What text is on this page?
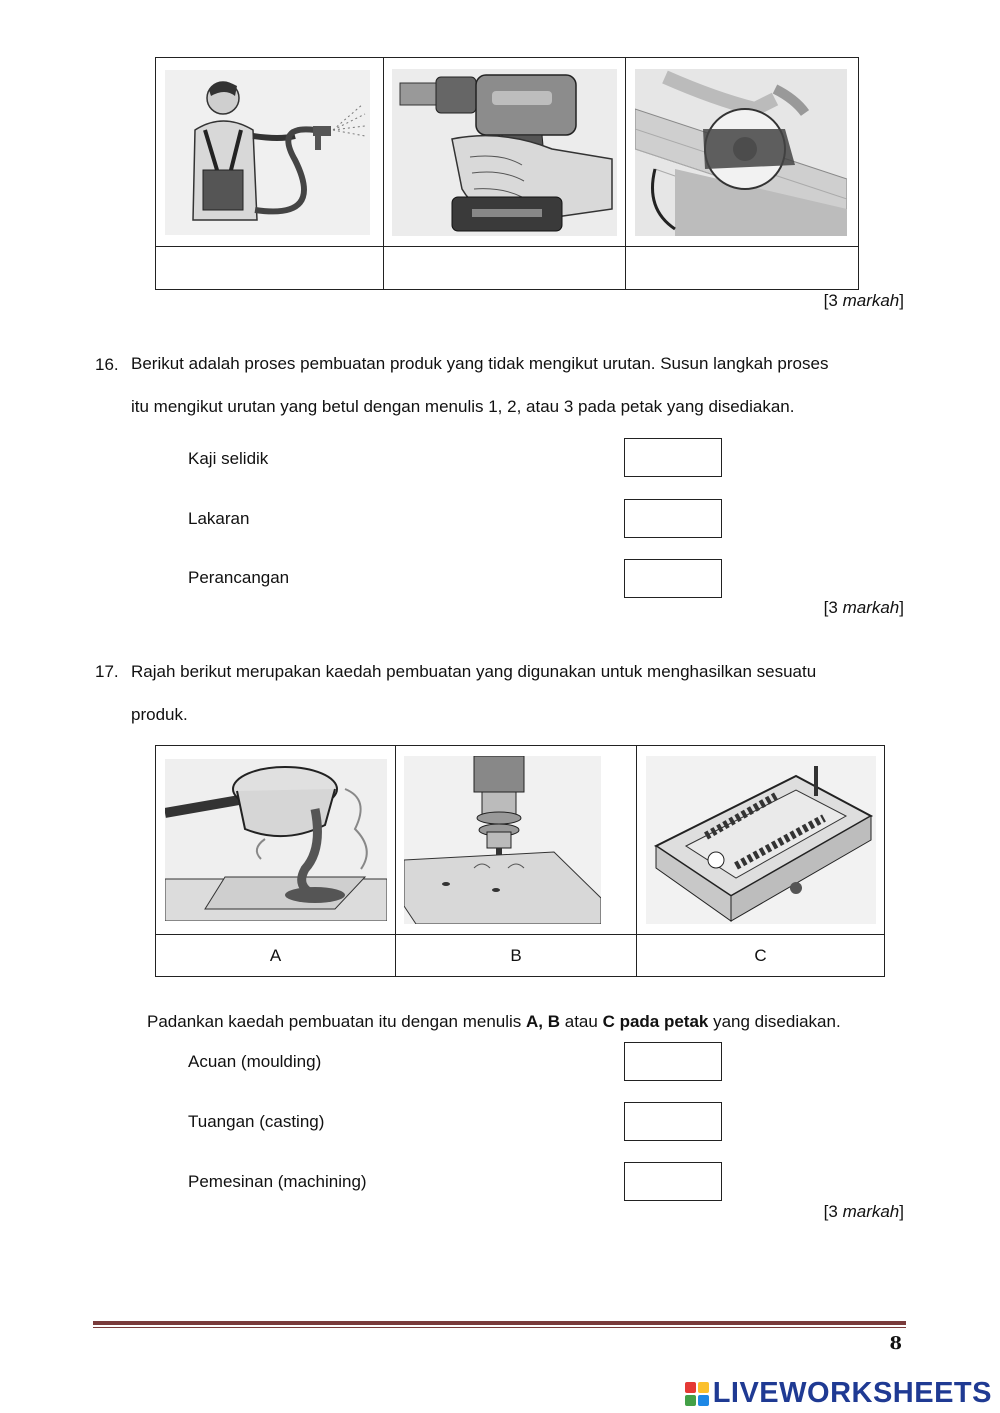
[3 markah]
16. Berikut adalah proses pembuatan produk yang tidak mengikut urutan. Susun langkah proses
itu mengikut urutan yang betul dengan menulis 1, 2, atau 3 pada petak yang disediakan.
Kaji selidik
Lakaran
Perancangan
[3 markah]
17. Rajah berikut merupakan kaedah pembuatan yang digunakan untuk menghasilkan sesuatu
produk.

A	B	C
Padankan kaedah pembuatan itu dengan menulis A, B atau C pada petak yang disediakan.
Acuan (moulding)
Tuangan (casting)
Pemesinan (machining)
[3 markah]
8
LIVEWORKSHEETS
